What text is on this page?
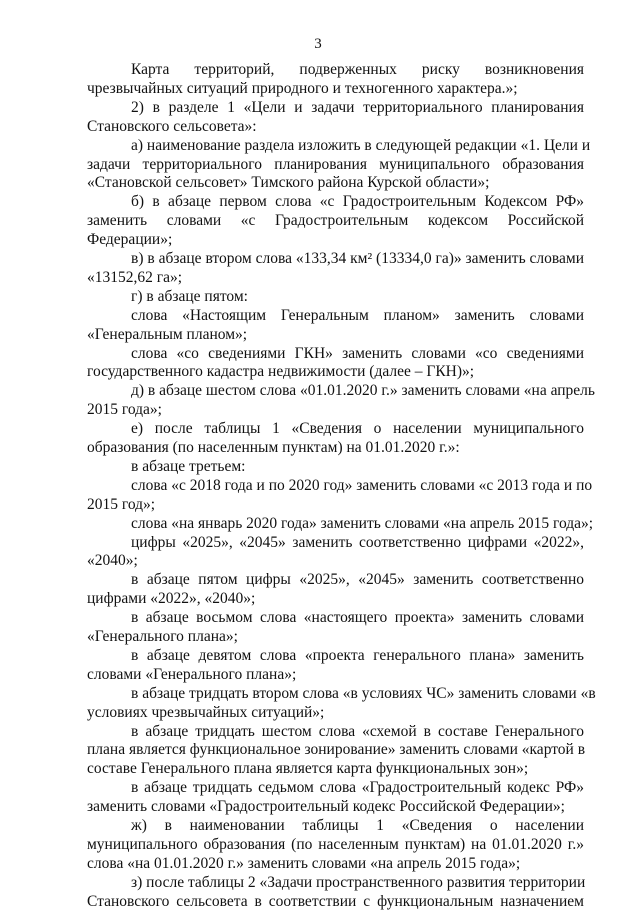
3
Карта территорий, подверженных риску возникновения
чрезвычайных ситуаций природного и техногенного характера.»;
2) в разделе 1 «Цели и задачи территориального планирования
Становского сельсовета»:
а) наименование раздела изложить в следующей редакции «1. Цели и
задачи территориального планирования муниципального образования
«Становской сельсовет» Тимского района Курской области»;
б) в абзаце первом слова «с Градостроительным Кодексом РФ»
заменить словами «с Градостроительным кодексом Российской
Федерации»;
в) в абзаце втором слова «133,34 км² (13334,0 га)» заменить словами
«13152,62 га»;
г) в абзаце пятом:
слова «Настоящим Генеральным планом» заменить словами
«Генеральным планом»;
слова «со сведениями ГКН» заменить словами «со сведениями
государственного кадастра недвижимости (далее – ГКН)»;
д) в абзаце шестом слова «01.01.2020 г.» заменить словами «на апрель
2015 года»;
е) после таблицы 1 «Сведения о населении муниципального
образования (по населенным пунктам) на 01.01.2020 г.»:
в абзаце третьем:
слова «с 2018 года и по 2020 год» заменить словами «с 2013 года и по
2015 год»;
слова «на январь 2020 года» заменить словами «на апрель 2015 года»;
цифры «2025», «2045» заменить соответственно цифрами «2022»,
«2040»;
в абзаце пятом цифры «2025», «2045» заменить соответственно
цифрами «2022», «2040»;
в абзаце восьмом слова «настоящего проекта» заменить словами
«Генерального плана»;
в абзаце девятом слова «проекта генерального плана» заменить
словами «Генерального плана»;
в абзаце тридцать втором слова «в условиях ЧС» заменить словами «в
условиях чрезвычайных ситуаций»;
в абзаце тридцать шестом слова «схемой в составе Генерального
плана является функциональное зонирование» заменить словами «картой в
составе Генерального плана является карта функциональных зон»;
в абзаце тридцать седьмом слова «Градостроительный кодекс РФ»
заменить словами «Градостроительный кодекс Российской Федерации»;
ж) в наименовании таблицы 1 «Сведения о населении
муниципального образования (по населенным пунктам) на 01.01.2020 г.»
слова «на 01.01.2020 г.» заменить словами «на апрель 2015 года»;
з) после таблицы 2 «Задачи пространственного развития территории
Становского сельсовета в соответствии с функциональным назначением
